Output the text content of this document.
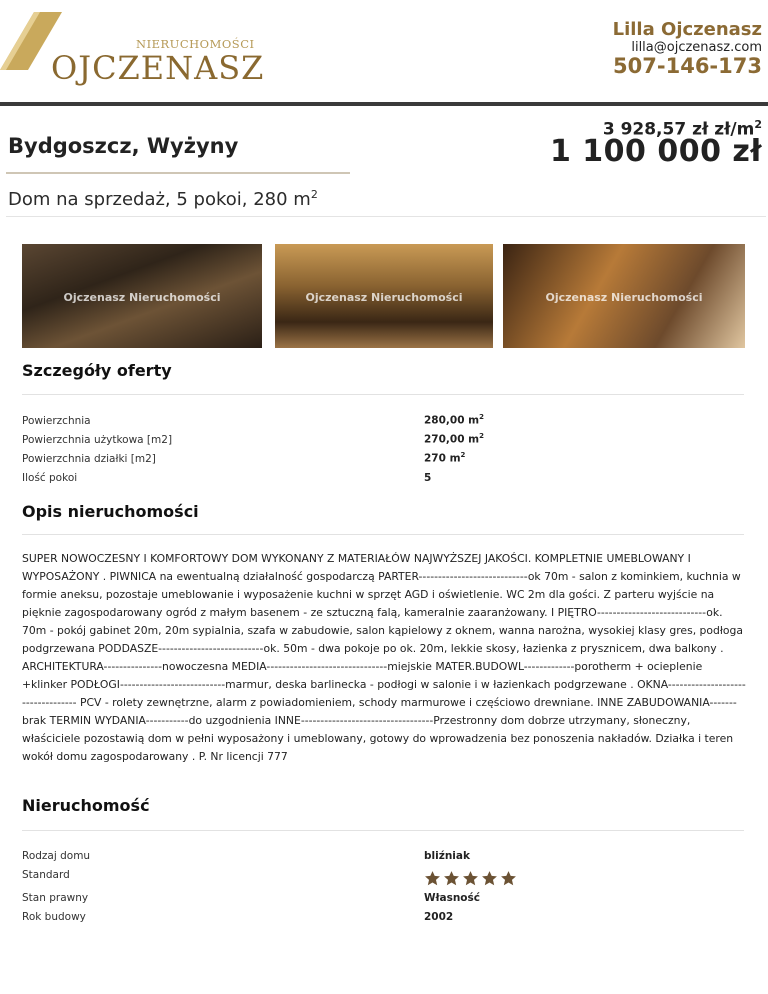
NIERUCHOMOŚCI
OJCZENASZ
Lilla Ojczenasz
lilla@ojczenasz.com
507-146-173
3 928,57 zł $zł/m^2$
Bydgoszcz, Wyżyny	1 100 000 zł
Dom na sprzedaż, 5 pokoi, 280 $m^2$
Ojczenasz Nieruchomości	Ojczenasz Nieruchomości	Ojczenasz Nieruchomości
Szczegóły oferty
Powierzchnia	280,00 $m^2$
Powierzchnia użytkowa [m2]	270,00 $m^2$
Powierzchnia działki [m2]	270 $m^2$
Ilość pokoi	5
Opis nieruchomości
SUPER NOWOCZESNY I KOMFORTOWY DOM WYKONANY Z MATERIAŁÓW NAJWYŻSZEJ JAKOŚCI. KOMPLETNIE UMEBLOWANY I WYPOSAŻONY . PIWNICA na ewentualną działalność gospodarczą PARTER----------------------------ok 70m - salon z kominkiem, kuchnia w formie aneksu, pozostaje umeblowanie i wyposażenie kuchni w sprzęt AGD i oświetlenie. WC 2m dla gości. Z parteru wyjście na pięknie zagospodarowany ogród z małym basenem - ze sztuczną falą, kameralnie zaaranżowany. I PIĘTRO----------------------------ok. 70m - pokój gabinet 20m, 20m sypialnia, szafa w zabudowie, salon kąpielowy z oknem, wanna narożna, wysokiej klasy gres, podłoga podgrzewana PODDASZE---------------------------ok. 50m - dwa pokoje po ok. 20m, lekkie skosy, łazienka z prysznicem, dwa balkony . ARCHITEKTURA---------------nowoczesna MEDIA-------------------------------miejskie MATER.BUDOWL-------------porotherm + ocieplenie +klinker PODŁOGI---------------------------marmur, deska barlinecka - podłogi w salonie i w łazienkach podgrzewane . OKNA---------------------------------- PCV - rolety zewnętrzne, alarm z powiadomieniem, schody marmurowe i częściowo drewniane. INNE ZABUDOWANIA-------brak TERMIN WYDANIA-----------do uzgodnienia INNE----------------------------------Przestronny dom dobrze utrzymany, słoneczny, właściciele pozostawią dom w pełni wyposażony i umeblowany, gotowy do wprowadzenia bez ponoszenia nakładów. Działka i teren wokół domu zagospodarowany . P. Nr licencji 777
Nieruchomość
Rodzaj domu	bliźniak
Standard
Stan prawny	Własność
Rok budowy	2002
